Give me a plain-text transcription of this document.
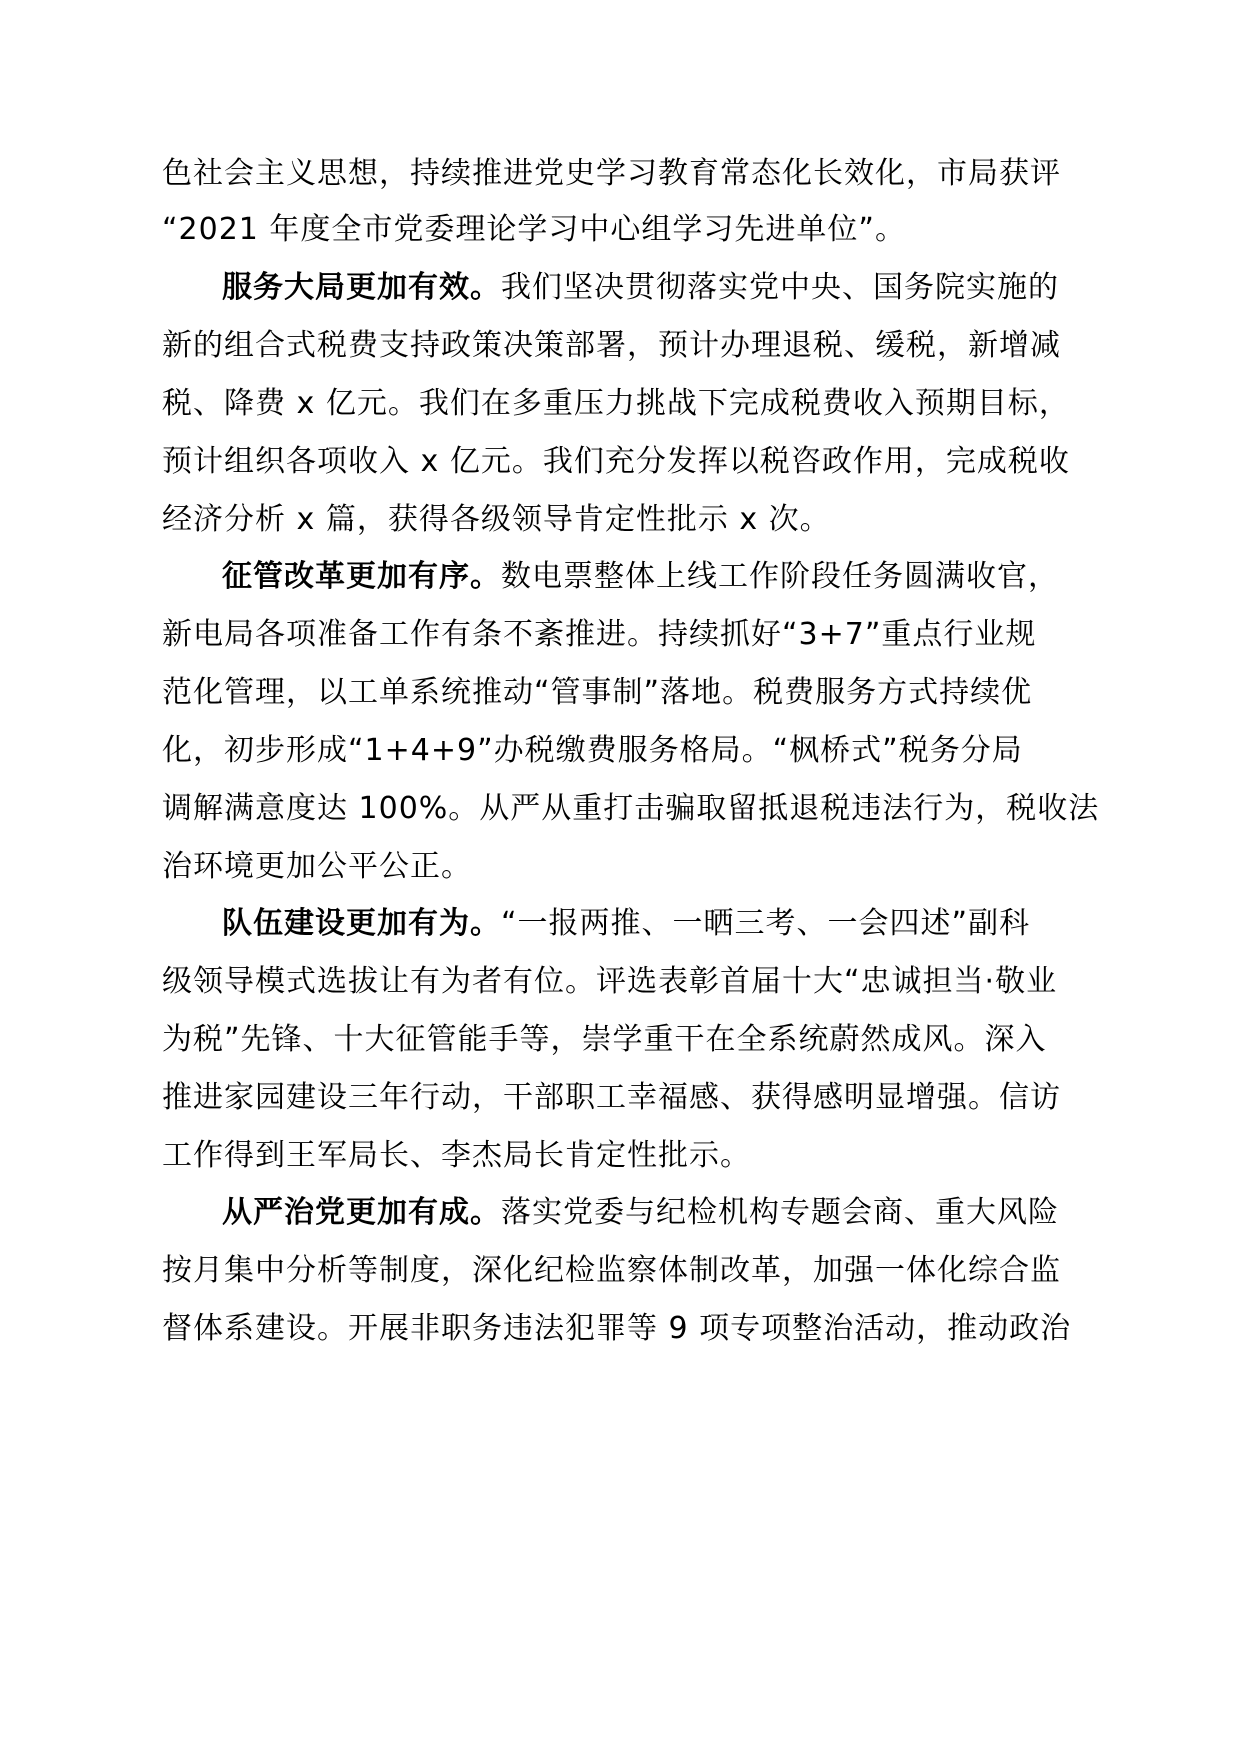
色社会主义思想，持续推进党史学习教育常态化长效化，市局获评
“2021 年度全市党委理论学习中心组学习先进单位”。
服务大局更加有效。我们坚决贯彻落实党中央、国务院实施的
新的组合式税费支持政策决策部署，预计办理退税、缓税，新增减
税、降费 x 亿元。我们在多重压力挑战下完成税费收入预期目标，
预计组织各项收入 x 亿元。我们充分发挥以税咨政作用，完成税收
经济分析 x 篇，获得各级领导肯定性批示 x 次。
征管改革更加有序。数电票整体上线工作阶段任务圆满收官，
新电局各项准备工作有条不紊推进。持续抓好“3+7”重点行业规
范化管理，以工单系统推动“管事制”落地。税费服务方式持续优
化，初步形成“1+4+9”办税缴费服务格局。“枫桥式”税务分局
调解满意度达 100%。从严从重打击骗取留抵退税违法行为，税收法
治环境更加公平公正。
队伍建设更加有为。“一报两推、一晒三考、一会四述”副科
级领导模式选拔让有为者有位。评选表彰首届十大“忠诚担当·敬业
为税”先锋、十大征管能手等，崇学重干在全系统蔚然成风。深入
推进家园建设三年行动，干部职工幸福感、获得感明显增强。信访
工作得到王军局长、李杰局长肯定性批示。
从严治党更加有成。落实党委与纪检机构专题会商、重大风险
按月集中分析等制度，深化纪检监察体制改革，加强一体化综合监
督体系建设。开展非职务违法犯罪等 9 项专项整治活动，推动政治
